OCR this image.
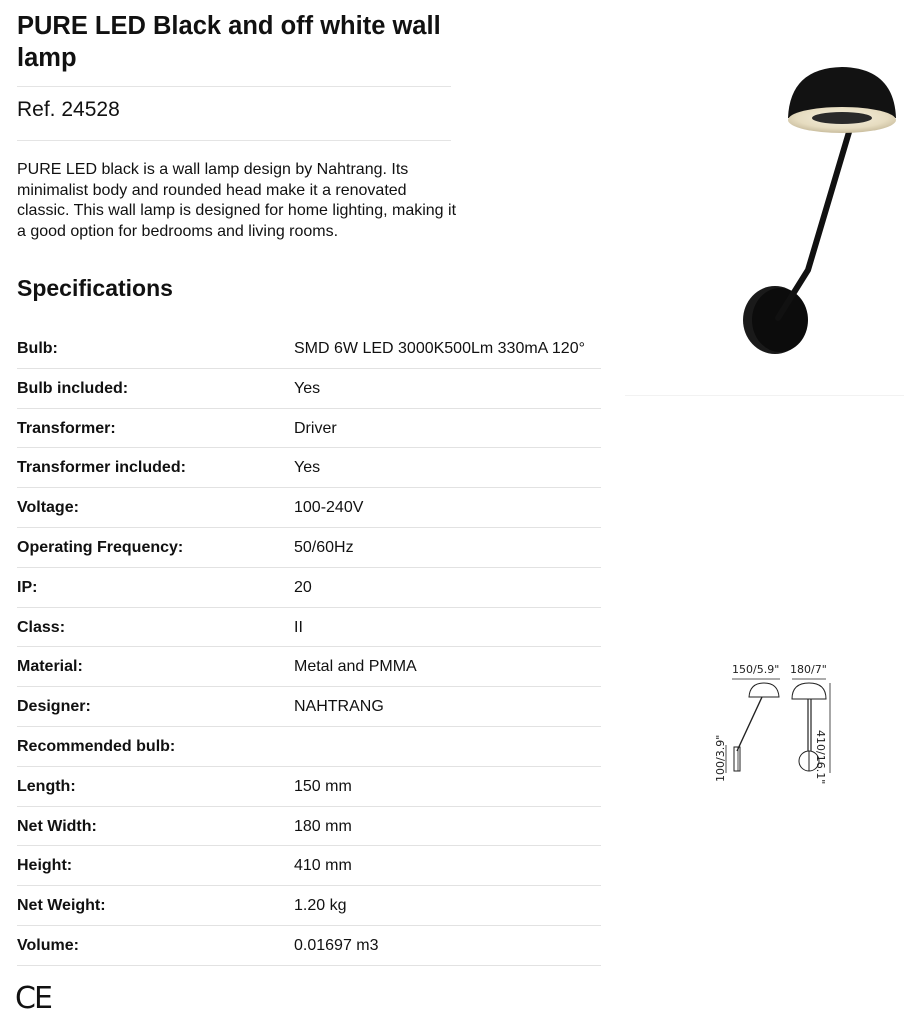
PURE LED Black and off white wall lamp
Ref. 24528

PURE LED black is a wall lamp design by Nahtrang. Its minimalist body and rounded head make it a renovated classic. This wall lamp is designed for home lighting, making it a good option for bedrooms and living rooms.

Specifications
Bulb:	SMD 6W LED 3000K500Lm 330mA 120°
Bulb included:	Yes
Transformer:	Driver
Transformer included:	Yes
Voltage:	100-240V
Operating Frequency:	50/60Hz
IP:	20
Class:	II
Material:	Metal and PMMA
Designer:	NAHTRANG
Recommended bulb:
Length:	150 mm
Net Width:	180 mm
Height:	410 mm
Net Weight:	1.20 kg
Volume:	0.01697 m3
150/5.9" 180/7"
410/16.1"
100/3.9"
CE
